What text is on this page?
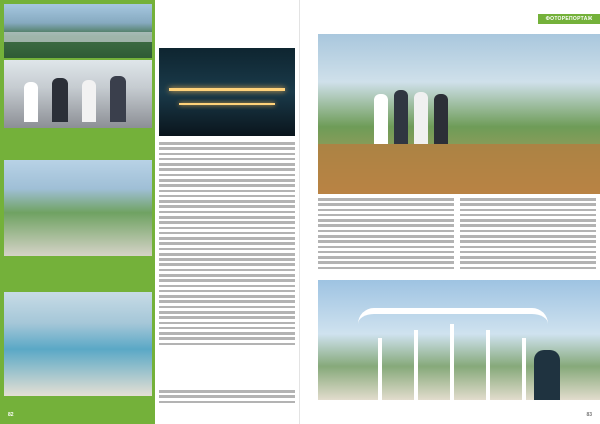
82
ФОТОРЕПОРТАЖ
83
